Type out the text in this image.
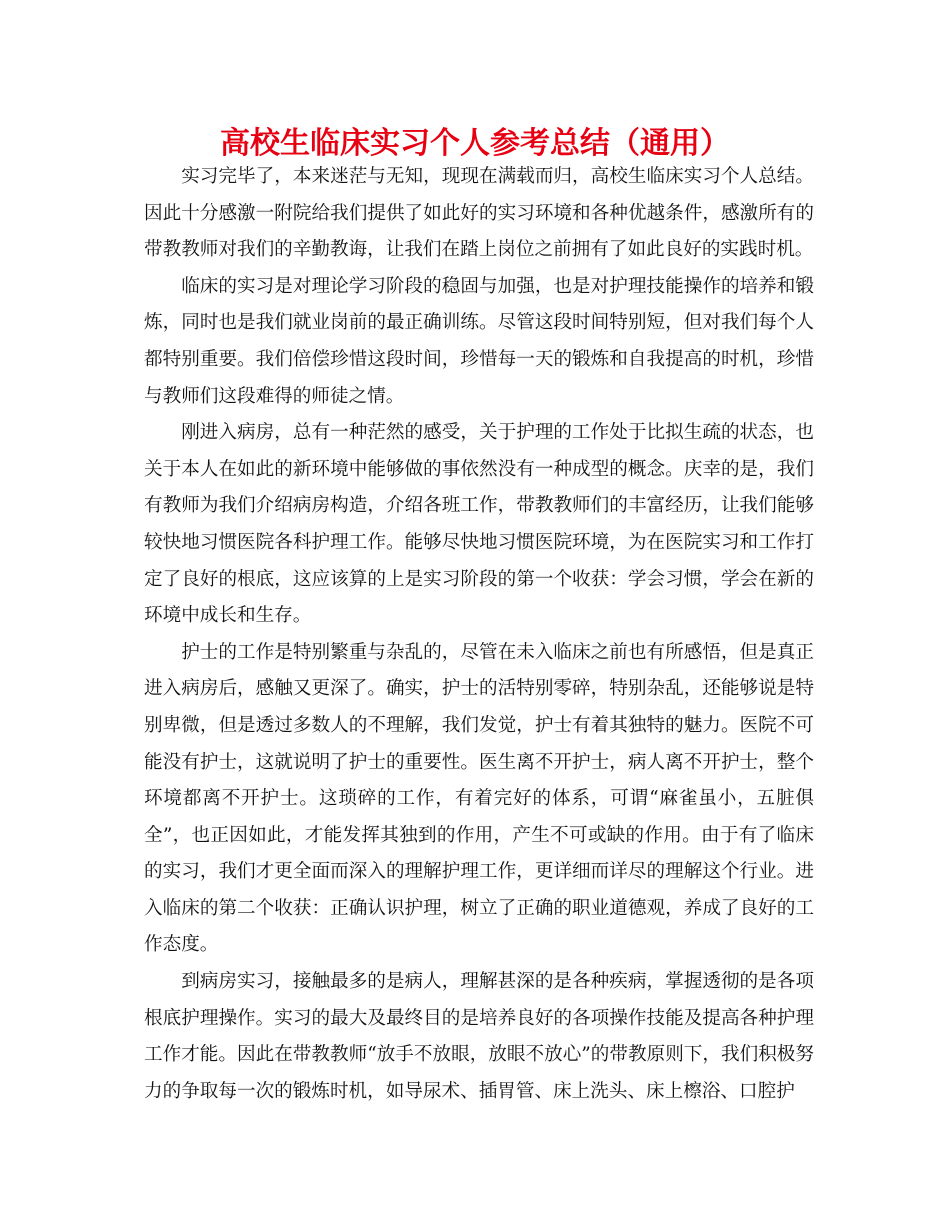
高校生临床实习个人参考总结（通用）

实习完毕了，本来迷茫与无知，现现在满载而归，高校生临床实习个人总结。因此十分感激一附院给我们提供了如此好的实习环境和各种优越条件，感激所有的带教教师对我们的辛勤教诲，让我们在踏上岗位之前拥有了如此良好的实践时机。

临床的实习是对理论学习阶段的稳固与加强，也是对护理技能操作的培养和锻炼，同时也是我们就业岗前的最正确训练。尽管这段时间特别短，但对我们每个人都特别重要。我们倍偿珍惜这段时间，珍惜每一天的锻炼和自我提高的时机，珍惜与教师们这段难得的师徒之情。

刚进入病房，总有一种茫然的感受，关于护理的工作处于比拟生疏的状态，也关于本人在如此的新环境中能够做的事依然没有一种成型的概念。庆幸的是，我们有教师为我们介绍病房构造，介绍各班工作，带教教师们的丰富经历，让我们能够较快地习惯医院各科护理工作。能够尽快地习惯医院环境，为在医院实习和工作打定了良好的根底，这应该算的上是实习阶段的第一个收获：学会习惯，学会在新的环境中成长和生存。

护士的工作是特别繁重与杂乱的，尽管在未入临床之前也有所感悟，但是真正进入病房后，感触又更深了。确实，护士的活特别零碎，特别杂乱，还能够说是特别卑微，但是透过多数人的不理解，我们发觉，护士有着其独特的魅力。医院不可能没有护士，这就说明了护士的重要性。医生离不开护士，病人离不开护士，整个环境都离不开护士。这琐碎的工作，有着完好的体系，可谓“麻雀虽小，五脏俱全”，也正因如此，才能发挥其独到的作用，产生不可或缺的作用。由于有了临床的实习，我们才更全面而深入的理解护理工作，更详细而详尽的理解这个行业。进入临床的第二个收获：正确认识护理，树立了正确的职业道德观，养成了良好的工作态度。

到病房实习，接触最多的是病人，理解甚深的是各种疾病，掌握透彻的是各项根底护理操作。实习的最大及最终目的是培养良好的各项操作技能及提高各种护理工作才能。因此在带教教师“放手不放眼，放眼不放心”的带教原则下，我们积极努力的争取每一次的锻炼时机，如导尿术、插胃管、床上洗头、床上檫浴、口腔护
